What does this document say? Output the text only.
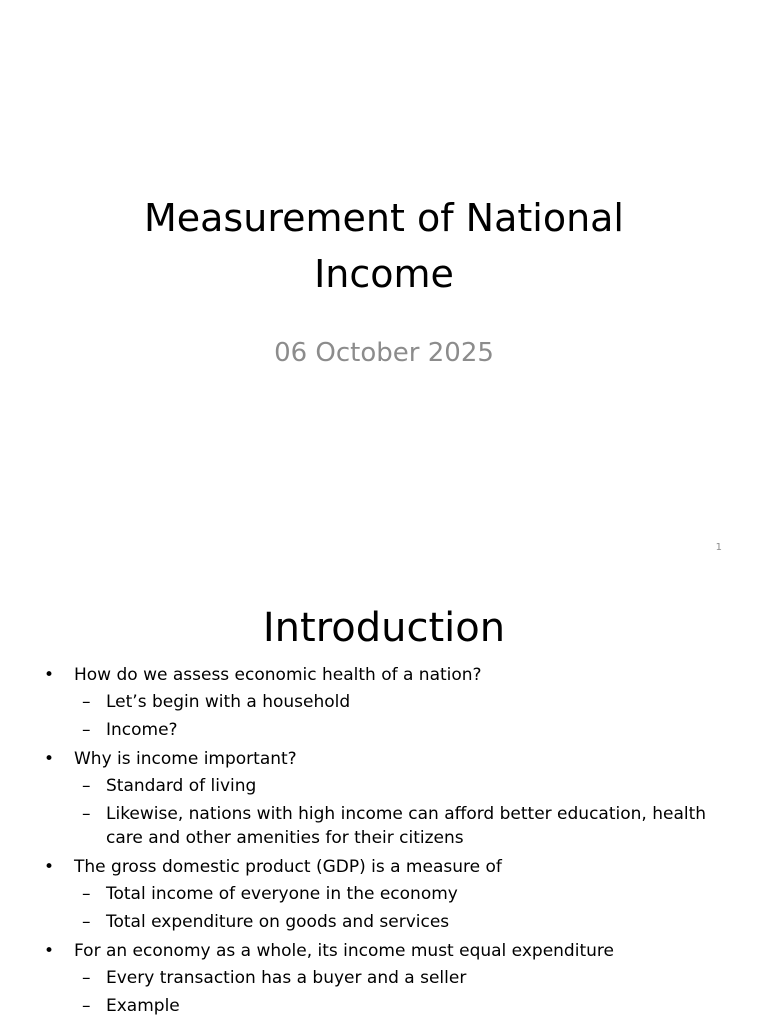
Measurement of National Income
06 October 2025
1
Introduction
• How do we assess economic health of a nation?
– Let’s begin with a household
– Income?
• Why is income important?
– Standard of living
– Likewise, nations with high income can afford better education, health care and other amenities for their citizens
• The gross domestic product (GDP) is a measure of
– Total income of everyone in the economy
– Total expenditure on goods and services
• For an economy as a whole, its income must equal expenditure
– Every transaction has a buyer and a seller
– Example
